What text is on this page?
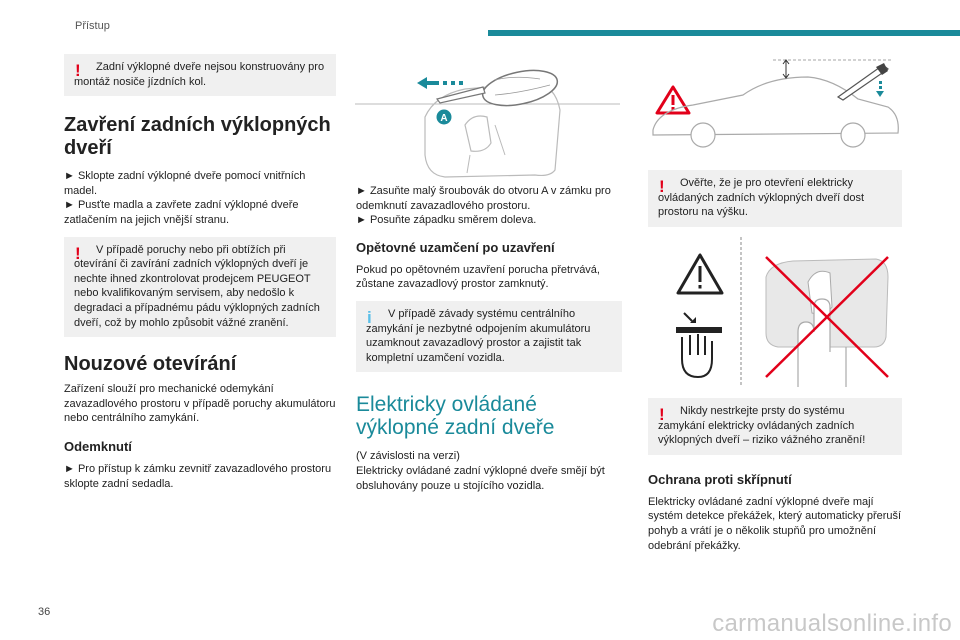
Přístup
!	Zadní výklopné dveře nejsou konstruovány pro montáž nosiče jízdních kol.

Zavření zadních výklopných dveří

► Sklopte zadní výklopné dveře pomocí vnitřních madel.

► Pusťte madla a zavřete zadní výklopné dveře zatlačením na jejich vnější stranu.

!	V případě poruchy nebo při obtížích při otevírání či zavírání zadních výklopných dveří je nechte ihned zkontrolovat prodejcem PEUGEOT nebo kvalifikovaným servisem, aby nedošlo k degradaci a případnému pádu výklopných zadních dveří, což by mohlo způsobit vážné zranění.

Nouzové otevírání

Zařízení slouží pro mechanické odemykání zavazadlového prostoru v případě poruchy akumulátoru nebo centrálního zamykání.

Odemknutí

► Pro přístup k zámku zevnitř zavazadlového prostoru sklopte zadní sedadla.

A

► Zasuňte malý šroubovák do otvoru A v zámku pro odemknutí zavazadlového prostoru.

► Posuňte západku směrem doleva.

Opětovné uzamčení po uzavření

Pokud po opětovném uzavření porucha přetrvává, zůstane zavazadlový prostor zamknutý.

i	V případě závady systému centrálního zamykání je nezbytné odpojením akumulátoru uzamknout zavazadlový prostor a zajistit tak kompletní uzamčení vozidla.

Elektricky ovládané výklopné zadní dveře

(V závislosti na verzi)
Elektricky ovládané zadní výklopné dveře smějí být obsluhovány pouze u stojícího vozidla.

!	Ověřte, že je pro otevření elektricky ovládaných zadních výklopných dveří dost prostoru na výšku.

!	Nikdy nestrkejte prsty do systému zamykání elektricky ovládaných zadních výklopných dveří – riziko vážného zranění!

Ochrana proti skřípnutí

Elektricky ovládané zadní výklopné dveře mají systém detekce překážek, který automaticky přeruší pohyb a vrátí je o několik stupňů pro umožnění odebrání překážky.

36	carmanualsonline.info
